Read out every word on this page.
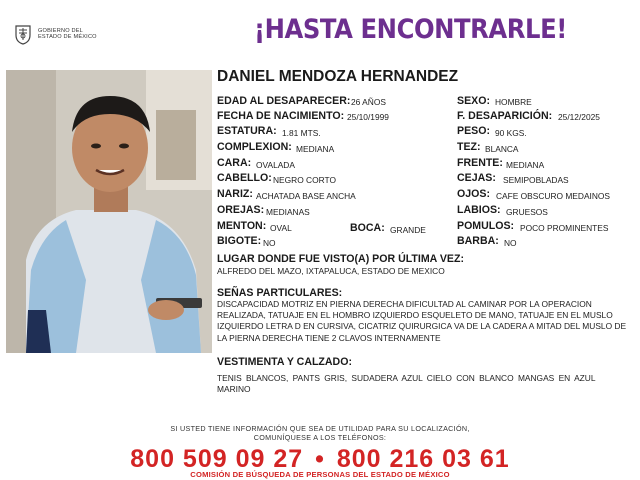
GOBIERNO DEL
ESTADO DE MÉXICO	¡HASTA ENCONTRARLE!
DANIEL MENDOZA HERNANDEZ
EDAD AL DESAPARECER: 26 AÑOS
FECHA DE NACIMIENTO: 25/10/1999
ESTATURA: 1.81 MTS.
COMPLEXION: MEDIANA
CARA: OVALADA
CABELLO: NEGRO CORTO
NARIZ: ACHATADA BASE ANCHA
OREJAS: MEDIANAS
MENTON: OVAL	BOCA: GRANDE
BIGOTE: NO
SEXO: HOMBRE
F. DESAPARICIÓN: 25/12/2025
PESO: 90 KGS.
TEZ: BLANCA
FRENTE: MEDIANA
CEJAS: SEMIPOBLADAS
OJOS: CAFE OBSCURO MEDAINOS
LABIOS: GRUESOS
POMULOS: POCO PROMINENTES
BARBA: NO
LUGAR DONDE FUE VISTO(A) POR ÚLTIMA VEZ:
ALFREDO DEL MAZO, IXTAPALUCA, ESTADO DE MEXICO
SEÑAS PARTICULARES:
DISCAPACIDAD MOTRIZ EN PIERNA DERECHA DIFICULTAD AL CAMINAR POR LA OPERACION REALIZADA, TATUAJE EN EL HOMBRO IZQUIERDO ESQUELETO DE MANO, TATUAJE EN EL MUSLO IZQUIERDO LETRA D EN CURSIVA, CICATRIZ QUIRURGICA VA DE LA CADERA A MITAD DEL MUSLO DE LA PIERNA DERECHA TIENE 2 CLAVOS INTERNAMENTE
VESTIMENTA Y CALZADO:
TENIS BLANCOS, PANTS GRIS, SUDADERA AZUL CIELO CON BLANCO MANGAS EN AZUL MARINO
SI USTED TIENE INFORMACIÓN QUE SEA DE UTILIDAD PARA SU LOCALIZACIÓN,
COMUNÍQUESE A LOS TELÉFONOS:
800 509 09 27 • 800 216 03 61
COMISIÓN DE BÚSQUEDA DE PERSONAS DEL ESTADO DE MÉXICO
